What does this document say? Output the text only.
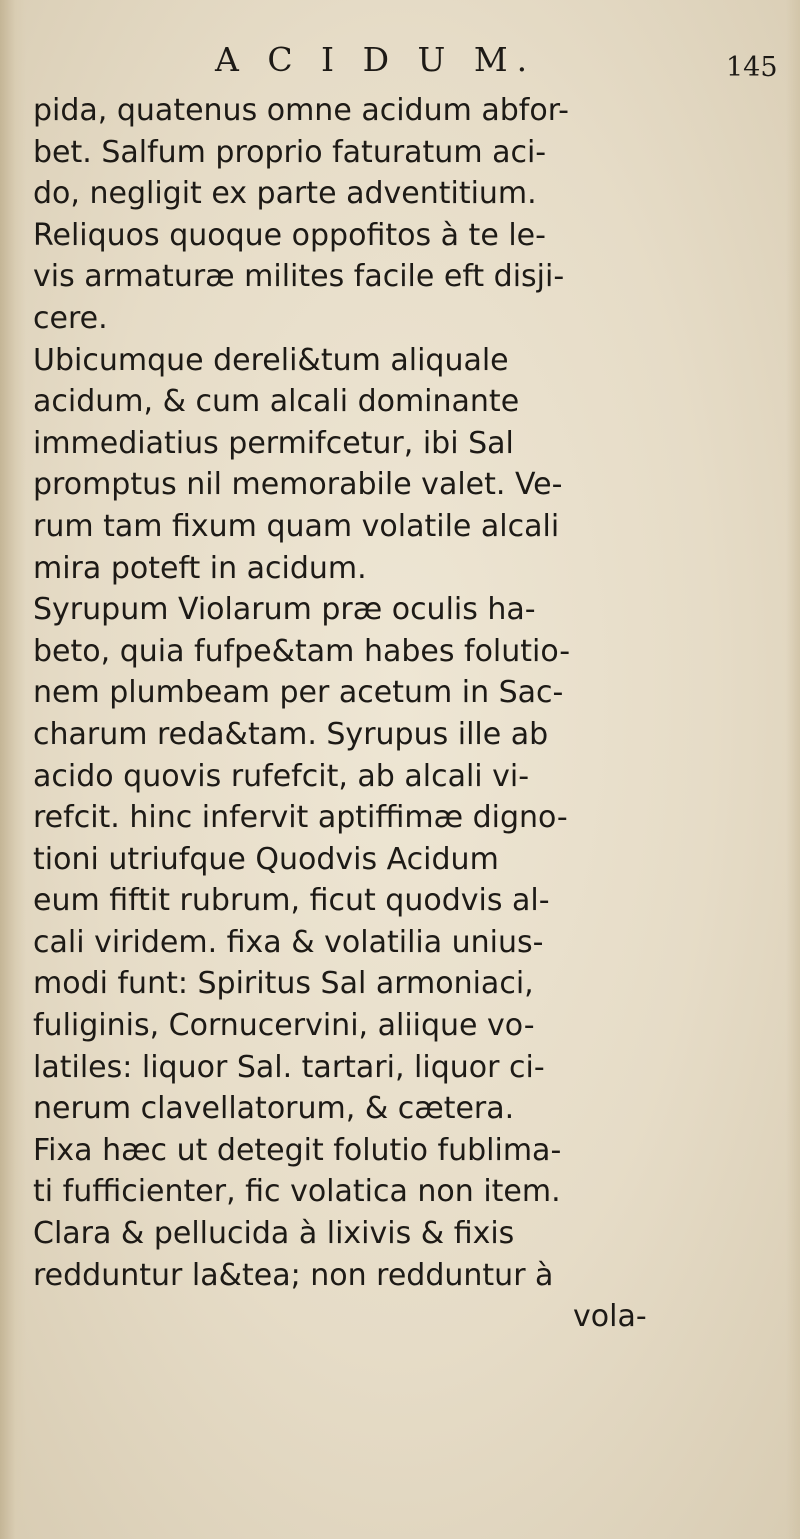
A C I D U M.	145
pida, quatenus omne acidum abfor-
bet. Salfum proprio faturatum aci-
do, negligit ex parte adventitium.
Reliquos quoque oppofitos à te le-
vis armaturæ milites facile eft disji-
cere.
Ubicumque dereli&tum aliquale
acidum, & cum alcali dominante
immediatius permifcetur, ibi Sal
promptus nil memorabile valet. Ve-
rum tam fixum quam volatile alcali
mira poteft in acidum.
Syrupum Violarum præ oculis ha-
beto, quia fufpe&tam habes folutio-
nem plumbeam per acetum in Sac-
charum reda&tam. Syrupus ille ab
acido quovis rufefcit, ab alcali vi-
refcit. hinc infervit aptiffimæ digno-
tioni utriufque Quodvis Acidum
eum fiftit rubrum, ficut quodvis al-
cali viridem. fixa & volatilia unius-
modi funt: Spiritus Sal armoniaci,
fuliginis, Cornucervini, aliique vo-
latiles: liquor Sal. tartari, liquor ci-
nerum clavellatorum, & cætera.
Fixa hæc ut detegit folutio fublima-
ti fufficienter, fic volatica non item.
Clara & pellucida à lixivis & fixis
redduntur la&tea; non redduntur à
vola-
